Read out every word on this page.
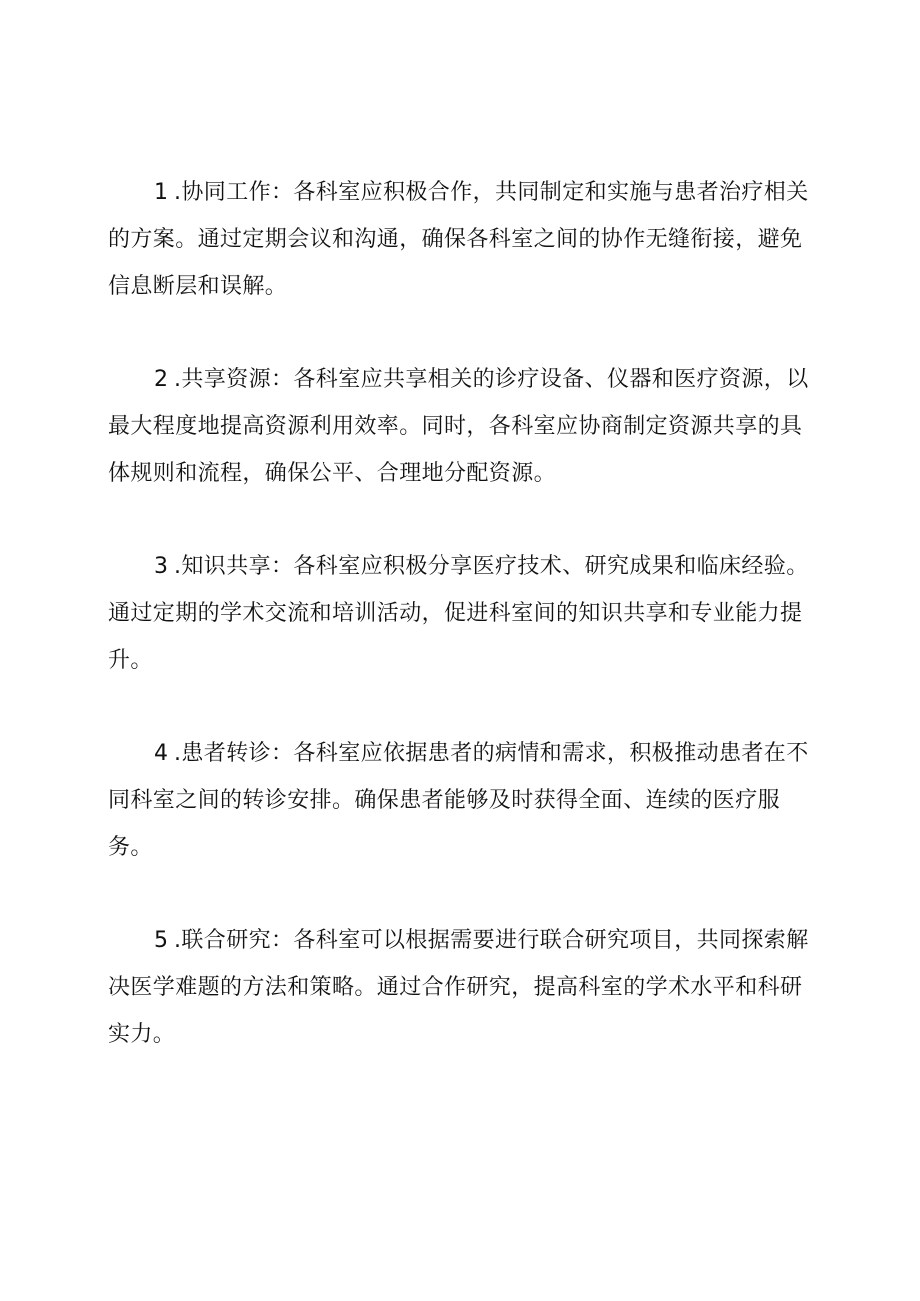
1.协同工作：各科室应积极合作，共同制定和实施与患者治疗相关的方案。通过定期会议和沟通，确保各科室之间的协作无缝衔接，避免信息断层和误解。

2.共享资源：各科室应共享相关的诊疗设备、仪器和医疗资源，以最大程度地提高资源利用效率。同时，各科室应协商制定资源共享的具体规则和流程，确保公平、合理地分配资源。

3.知识共享：各科室应积极分享医疗技术、研究成果和临床经验。通过定期的学术交流和培训活动，促进科室间的知识共享和专业能力提升。

4.患者转诊：各科室应依据患者的病情和需求，积极推动患者在不同科室之间的转诊安排。确保患者能够及时获得全面、连续的医疗服务。

5.联合研究：各科室可以根据需要进行联合研究项目，共同探索解决医学难题的方法和策略。通过合作研究，提高科室的学术水平和科研实力。
